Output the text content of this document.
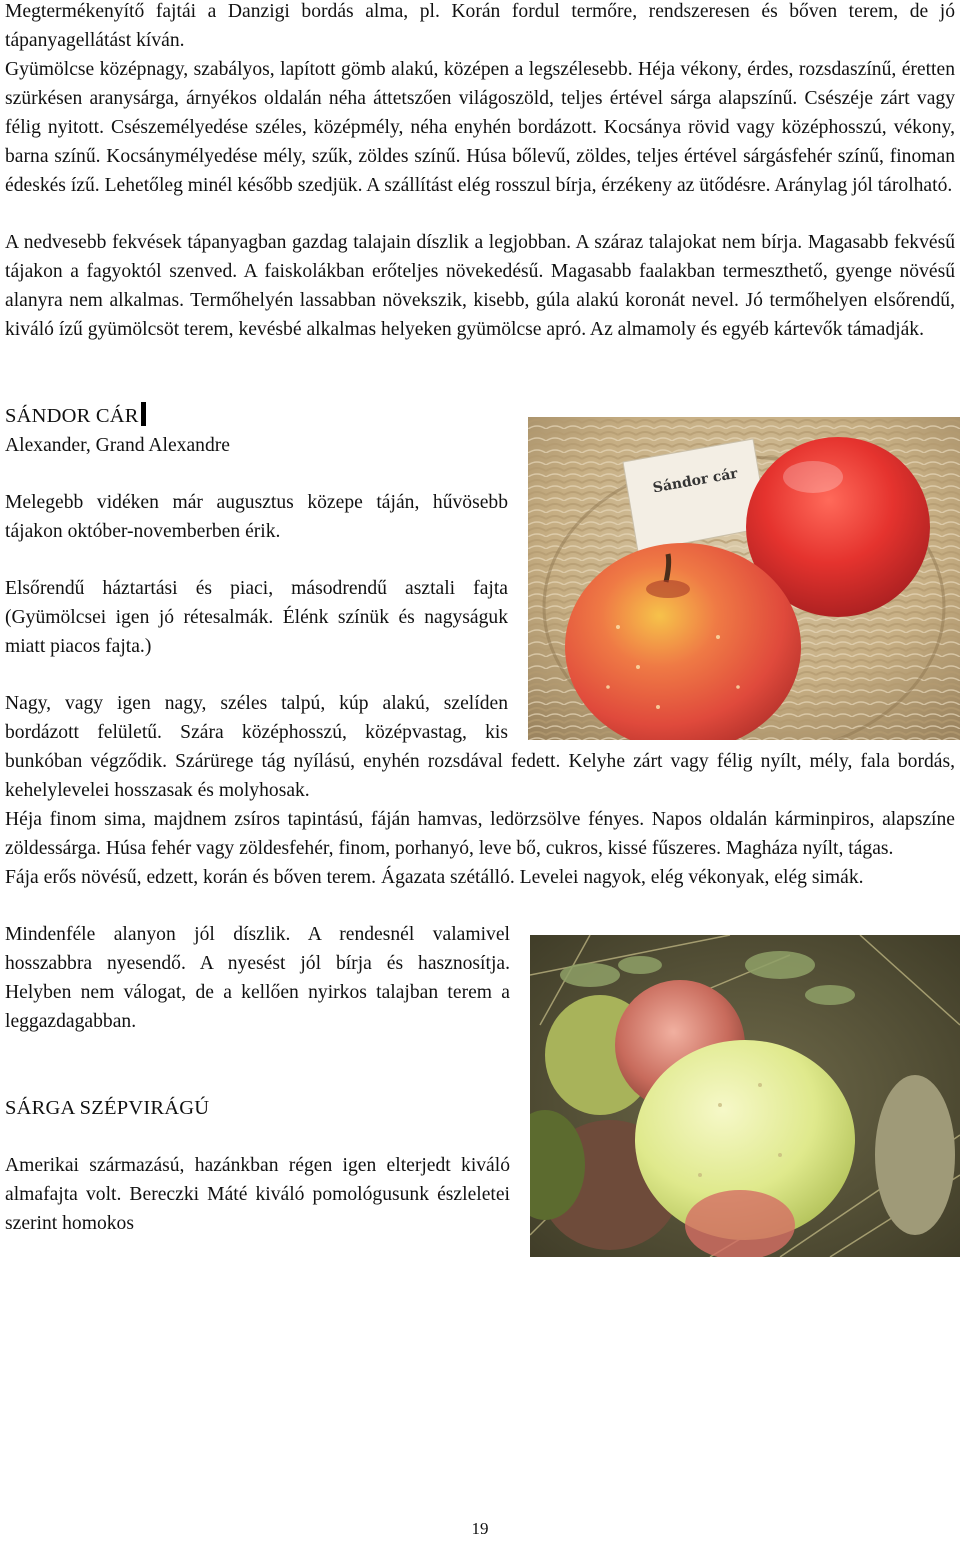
Megtermékenyítő fajtái a Danzigi bordás alma, pl. Korán fordul termőre, rendszeresen és bőven terem, de jó tápanyagellátást kíván.

Gyümölcse középnagy, szabályos, lapított gömb alakú, középen a legszélesebb. Héja vékony, érdes, rozsdaszínű, éretten szürkésen aranysárga, árnyékos oldalán néha áttetszően világoszöld, teljes értével sárga alapszínű. Csészéje zárt vagy félig nyitott. Csészemélyedése széles, középmély, néha enyhén bordázott. Kocsánya rövid vagy középhosszú, vékony, barna színű. Kocsánymélyedése mély, szűk, zöldes színű. Húsa bőlevű, zöldes, teljes értével sárgásfehér színű, finoman édeskés ízű. Lehetőleg minél később szedjük. A szállítást elég rosszul bírja, érzékeny az ütődésre. Aránylag jól tárolható.

A nedvesebb fekvések tápanyagban gazdag talajain díszlik a legjobban. A száraz talajokat nem bírja. Magasabb fekvésű tájakon a fagyoktól szenved. A faiskolákban erőteljes növekedésű. Magasabb faalakban termeszthető, gyenge növésű alanyra nem alkalmas. Termőhelyén lassabban növekszik, kisebb, gúla alakú koronát nevel. Jó termőhelyen elsőrendű, kiváló ízű gyümölcsöt terem, kevésbé alkalmas helyeken gyümölcse apró. Az almamoly és egyéb kártevők támadják.

Sándor cár

SÁNDOR CÁR

Alexander, Grand Alexandre

Melegebb vidéken már augusztus közepe táján, hűvösebb tájakon október-novemberben érik.

Elsőrendű háztartási és piaci, másodrendű asztali fajta (Gyümölcsei igen jó rétesalmák. Élénk színük és nagyságuk miatt piacos fajta.)

Nagy, vagy igen nagy, széles talpú, kúp alakú, szelíden bordázott felületű. Szára középhosszú, középvastag, kis bunkóban végződik. Szárürege tág nyílású, enyhén rozsdával fedett. Kelyhe zárt vagy félig nyílt, mély, fala bordás, kehelylevelei hosszasak és molyhosak.

Héja finom sima, majdnem zsíros tapintású, fáján hamvas, ledörzsölve fényes. Napos oldalán kárminpiros, alapszíne zöldessárga. Húsa fehér vagy zöldesfehér, finom, porhanyó, leve bő, cukros, kissé fűszeres. Magháza nyílt, tágas.

Fája erős növésű, edzett, korán és bőven terem. Ágazata szétálló. Levelei nagyok, elég vékonyak, elég simák.

Mindenféle alanyon jól díszlik. A rendesnél valamivel hosszabbra nyesendő. A nyesést jól bírja és hasznosítja. Helyben nem válogat, de a kellően nyirkos talajban terem a leggazdagabban.

SÁRGA SZÉPVIRÁGÚ

Amerikai származású, hazánkban régen igen elterjedt kiváló almafajta volt. Bereczki Máté kiváló pomológusunk észleletei szerint homokos

19
